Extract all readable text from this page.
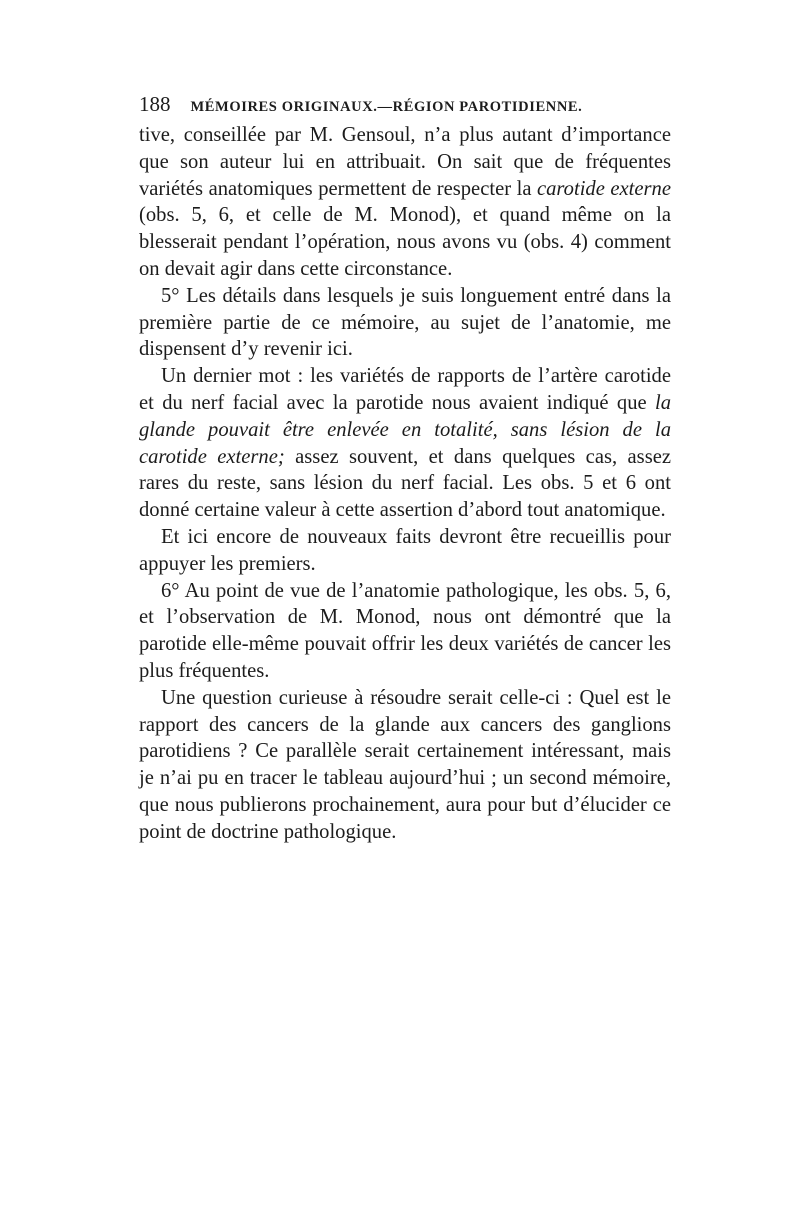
188 MÉMOIRES ORIGINAUX.—RÉGION PAROTIDIENNE.

tive, conseillée par M. Gensoul, n’a plus autant d’importance que son auteur lui en attribuait. On sait que de fréquentes variétés anatomiques permettent de respecter la carotide externe (obs. 5, 6, et celle de M. Monod), et quand même on la blesserait pendant l’opération, nous avons vu (obs. 4) comment on devait agir dans cette circonstance.

5° Les détails dans lesquels je suis longuement entré dans la première partie de ce mémoire, au sujet de l’anatomie, me dispensent d’y revenir ici.

Un dernier mot : les variétés de rapports de l’artère carotide et du nerf facial avec la parotide nous avaient indiqué que la glande pouvait être enlevée en totalité, sans lésion de la carotide externe; assez souvent, et dans quelques cas, assez rares du reste, sans lésion du nerf facial. Les obs. 5 et 6 ont donné certaine valeur à cette assertion d’abord tout anatomique.

Et ici encore de nouveaux faits devront être recueillis pour appuyer les premiers.

6° Au point de vue de l’anatomie pathologique, les obs. 5, 6, et l’observation de M. Monod, nous ont démontré que la parotide elle-même pouvait offrir les deux variétés de cancer les plus fréquentes.

Une question curieuse à résoudre serait celle-ci : Quel est le rapport des cancers de la glande aux cancers des ganglions parotidiens ? Ce parallèle serait certainement intéressant, mais je n’ai pu en tracer le tableau aujourd’hui ; un second mémoire, que nous publierons prochainement, aura pour but d’élucider ce point de doctrine pathologique.
